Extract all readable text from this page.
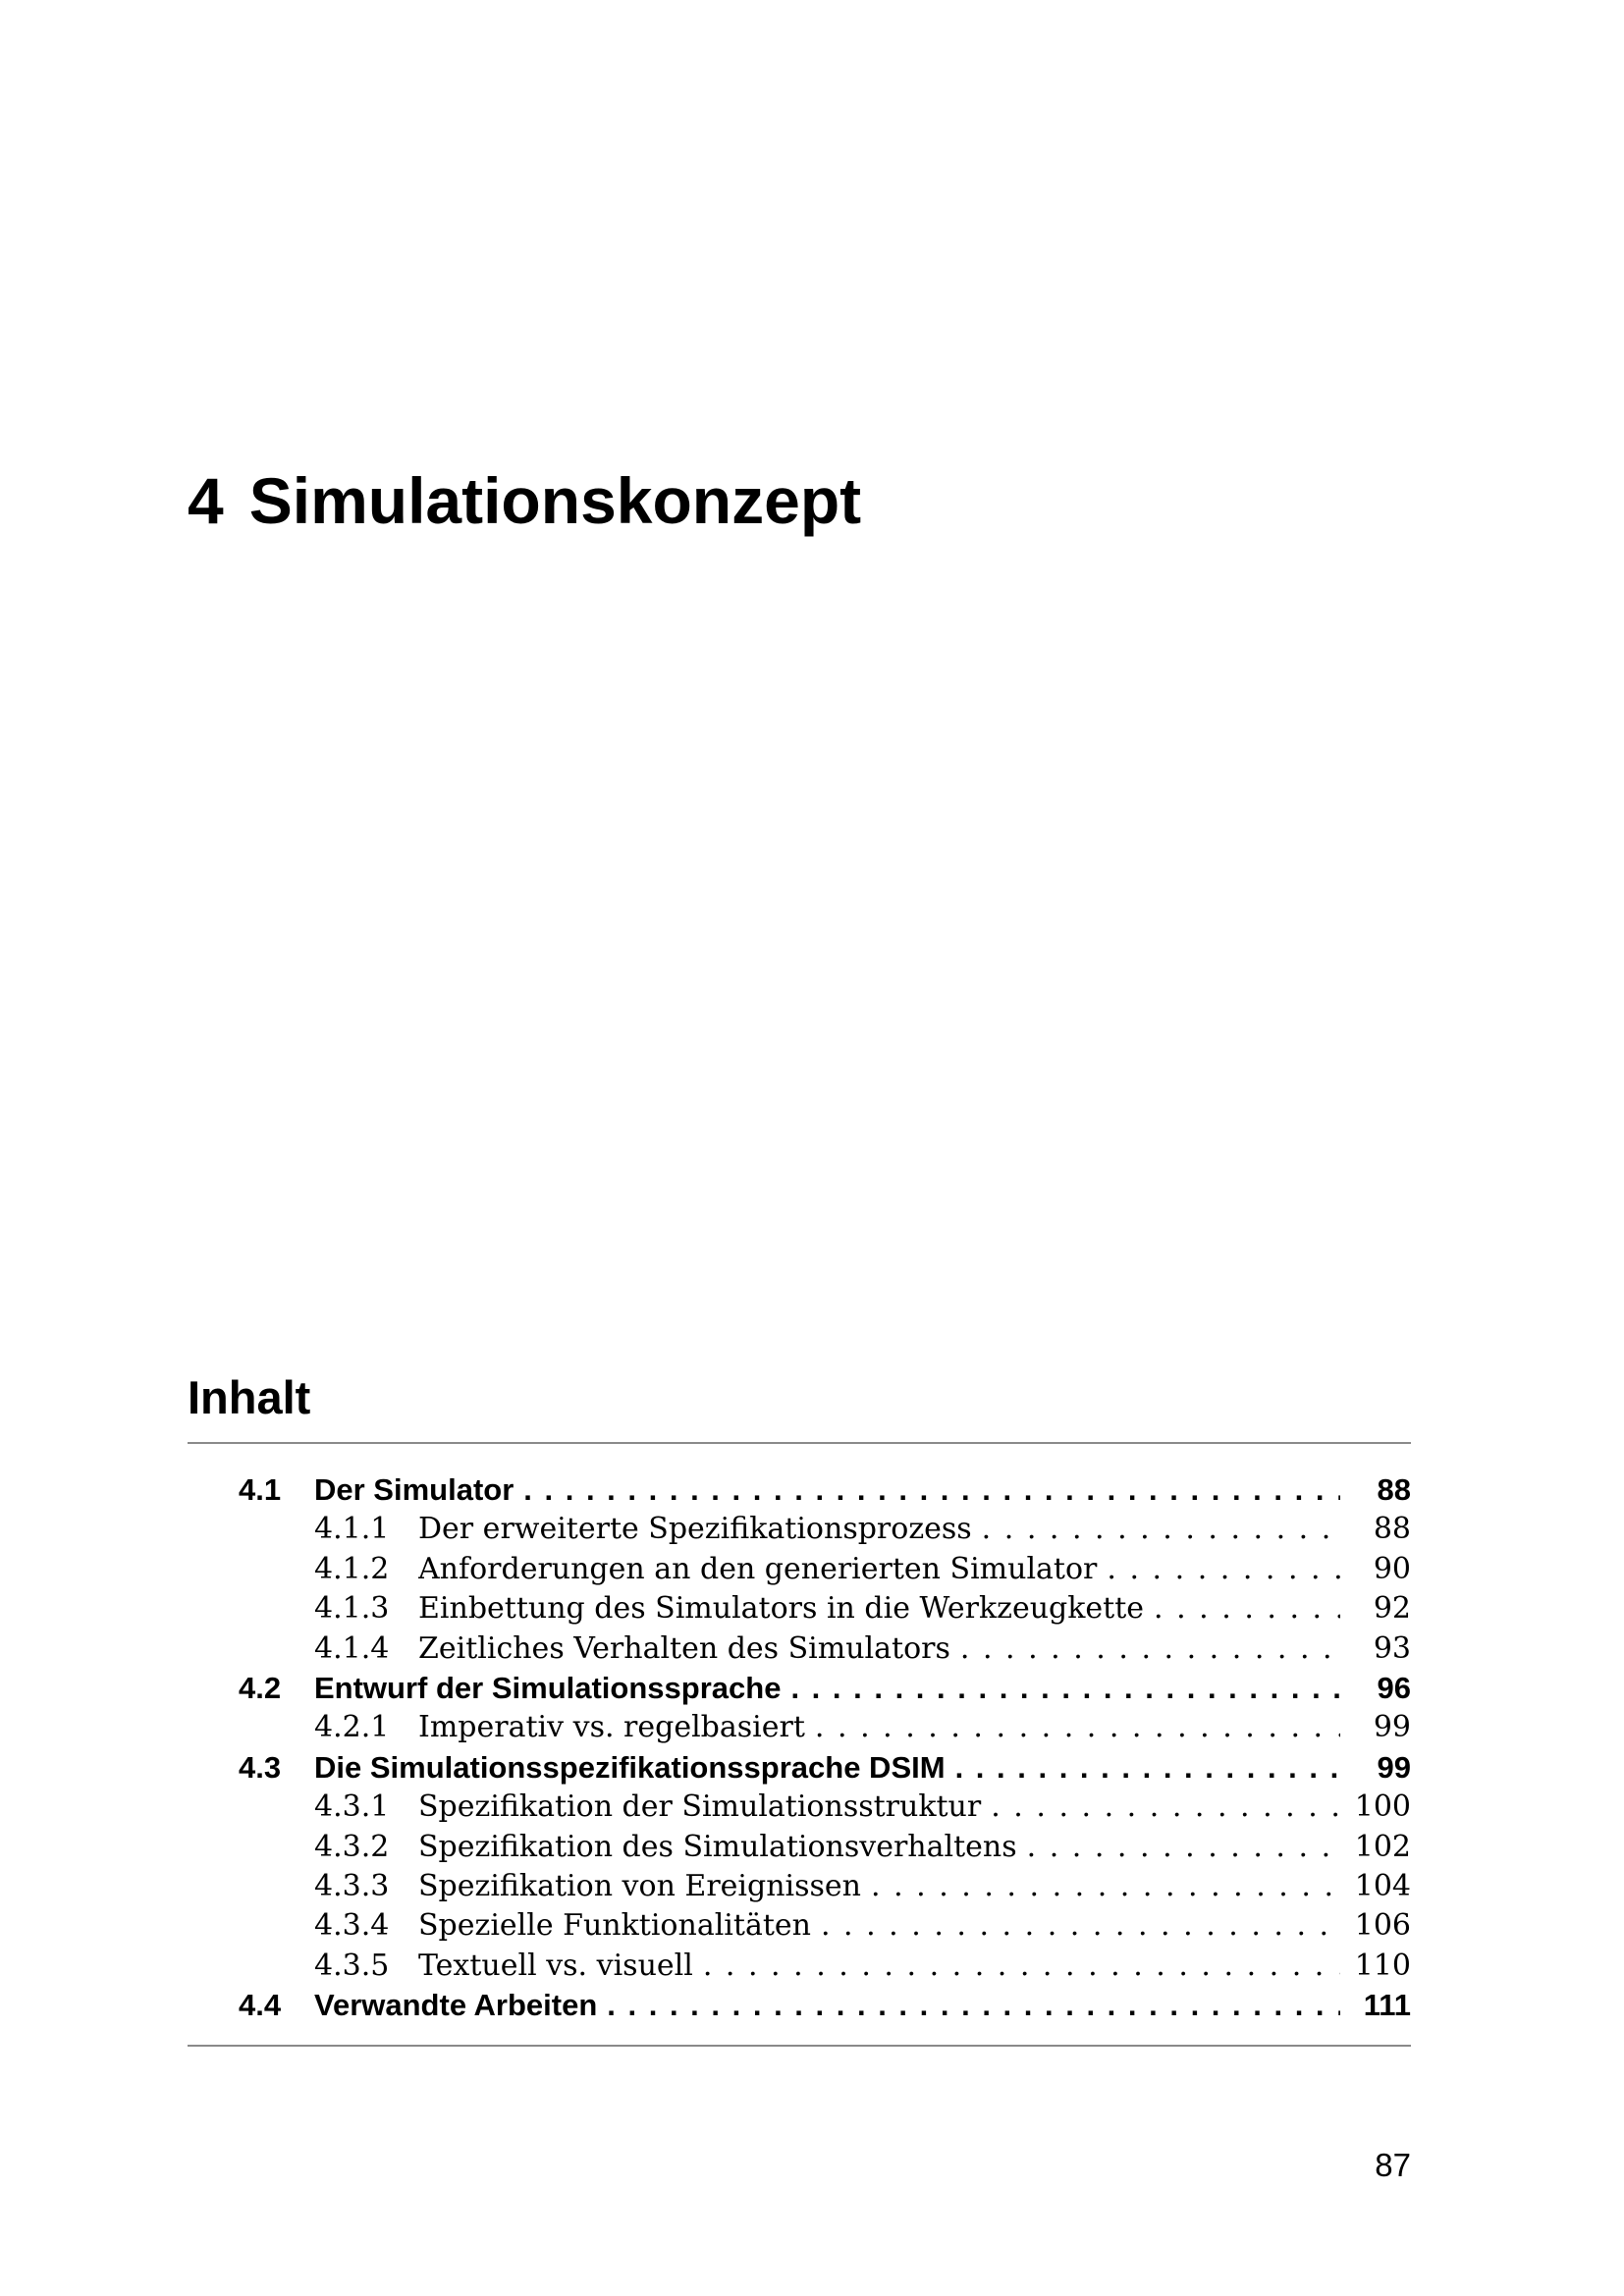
4 Simulationskonzept
Inhalt
4.1 Der Simulator . . .	88
4.1.1 Der erweiterte Spezifikationsprozess . . .	88
4.1.2 Anforderungen an den generierten Simulator . . .	90
4.1.3 Einbettung des Simulators in die Werkzeugkette . . .	92
4.1.4 Zeitliches Verhalten des Simulators . . .	93
4.2 Entwurf der Simulationssprache . . .	96
4.2.1 Imperativ vs. regelbasiert . . .	99
4.3 Die Simulationsspezifikationssprache DSIM . . .	99
4.3.1 Spezifikation der Simulationsstruktur . . .	100
4.3.2 Spezifikation des Simulationsverhaltens . . .	102
4.3.3 Spezifikation von Ereignissen . . .	104
4.3.4 Spezielle Funktionalitäten . . .	106
4.3.5 Textuell vs. visuell . . .	110
4.4 Verwandte Arbeiten . . .	111
87
